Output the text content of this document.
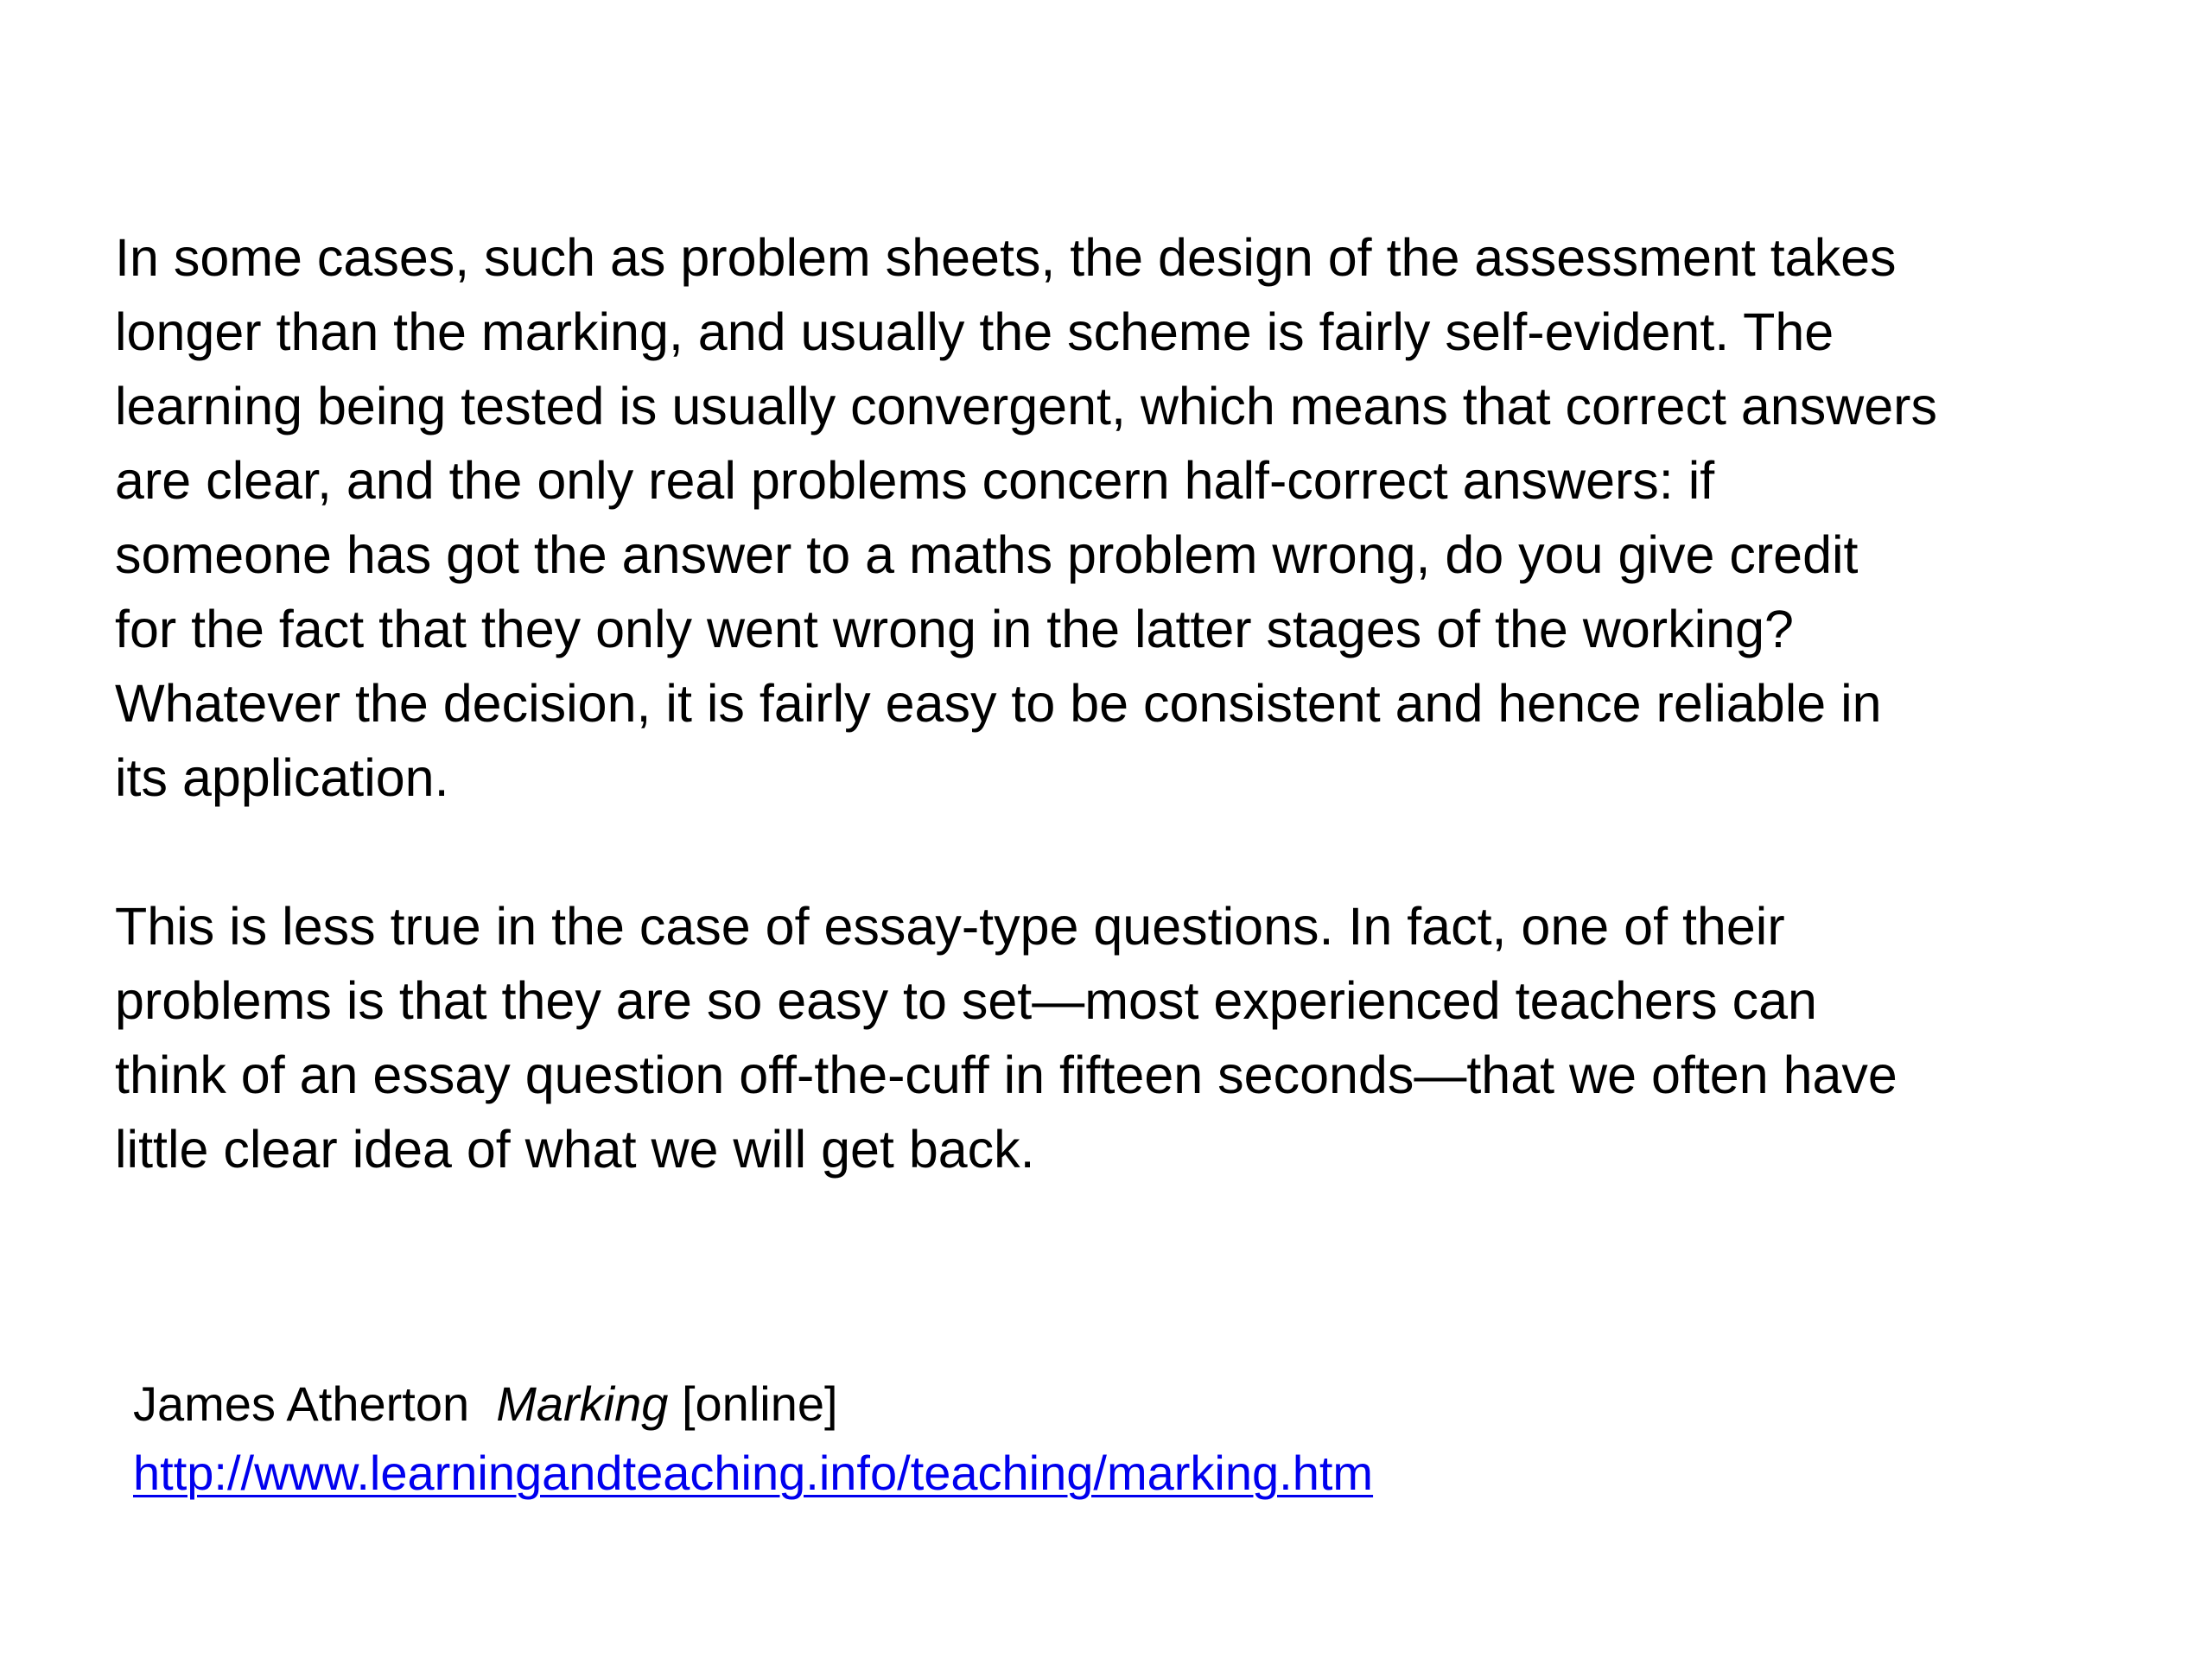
In some cases, such as problem sheets, the design of the assessment takes
longer than the marking, and usually the scheme is fairly self-evident. The
learning being tested is usually convergent, which means that correct answers
are clear, and the only real problems concern half-correct answers: if
someone has got the answer to a maths problem wrong, do you give credit
for the fact that they only went wrong in the latter stages of the working?
Whatever the decision, it is fairly easy to be consistent and hence reliable in
its application.

This is less true in the case of essay-type questions. In fact, one of their
problems is that they are so easy to set—most experienced teachers can
think of an essay question off-the-cuff in fifteen seconds—that we often have
little clear idea of what we will get back.

James Atherton Marking [online]
http://www.learningandteaching.info/teaching/marking.htm
